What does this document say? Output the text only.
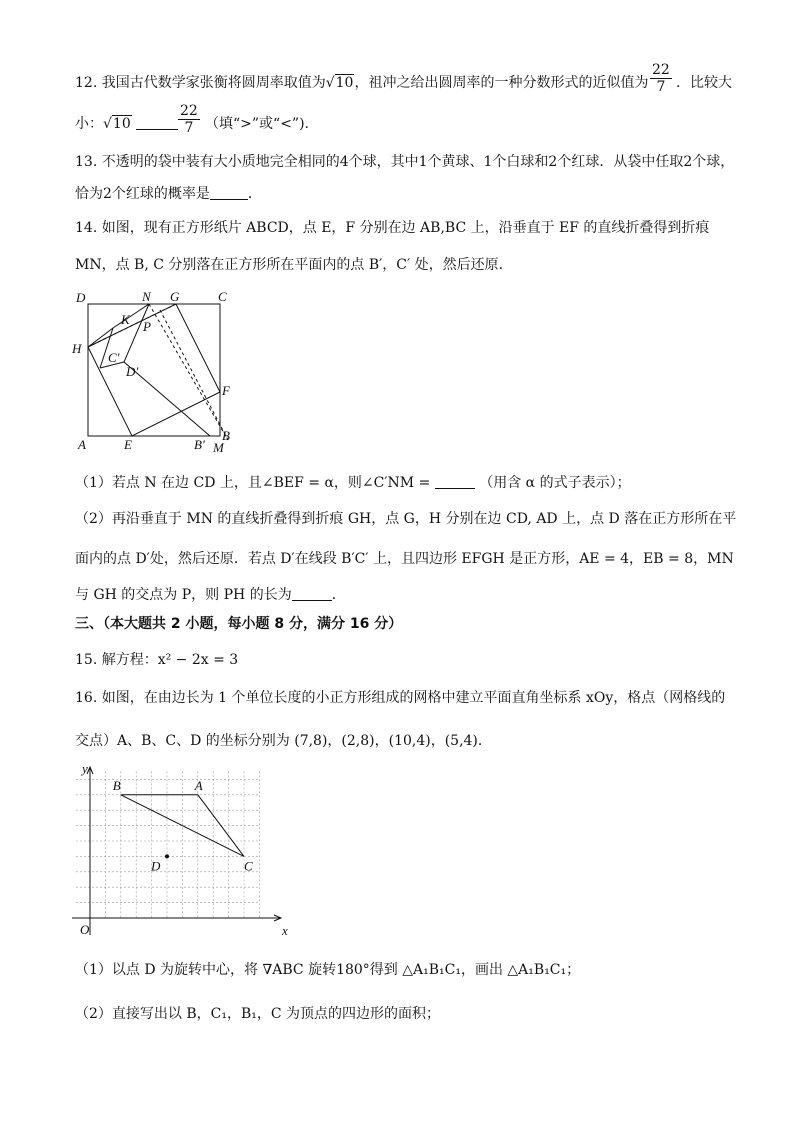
12. 我国古代数学家张衡将圆周率取值为√10，祖冲之给出圆周率的一种分数形式的近似值为 $\frac{22}{7}$ ．比较大
小：√10	$\frac{22}{7}$ （填“>”或“<”).
13. 不透明的袋中装有大小质地完全相同的4个球，其中1个黄球、1个白球和2个红球．从袋中任取2个球，
恰为2个红球的概率是	．
14. 如图，现有正方形纸片 ABCD，点 E，F 分别在边 AB,BC 上，沿垂直于 EF 的直线折叠得到折痕
MN，点 B, C 分别落在正方形所在平面内的点 B′，C′ 处，然后还原．
D	N G	C
K P
H
C′
D′
F
A	E	B′
B
M
（1）若点 N 在边 CD 上，且∠BEF = α，则∠C′NM =	（用含 α 的式子表示）；
（2）再沿垂直于 MN 的直线折叠得到折痕 GH，点 G，H 分别在边 CD, AD 上，点 D 落在正方形所在平
面内的点 D′处，然后还原．若点 D′在线段 B′C′ 上，且四边形 EFGH 是正方形，AE = 4，EB = 8，MN
与 GH 的交点为 P，则 PH 的长为	．
三、（本大题共 2 小题，每小题 8 分，满分 16 分）
15. 解方程：x² − 2x = 3
16. 如图，在由边长为 1 个单位长度的小正方形组成的网格中建立平面直角坐标系 xOy，格点（网格线的
交点）A、B、C、D 的坐标分别为 (7,8)，(2,8)，(10,4)，(5,4)．
A
B
C
D
x
y
O
（1）以点 D 为旋转中心，将 ∇ABC 旋转180°得到 △A₁B₁C₁，画出 △A₁B₁C₁；
（2）直接写出以 B，C₁，B₁，C 为顶点的四边形的面积；
